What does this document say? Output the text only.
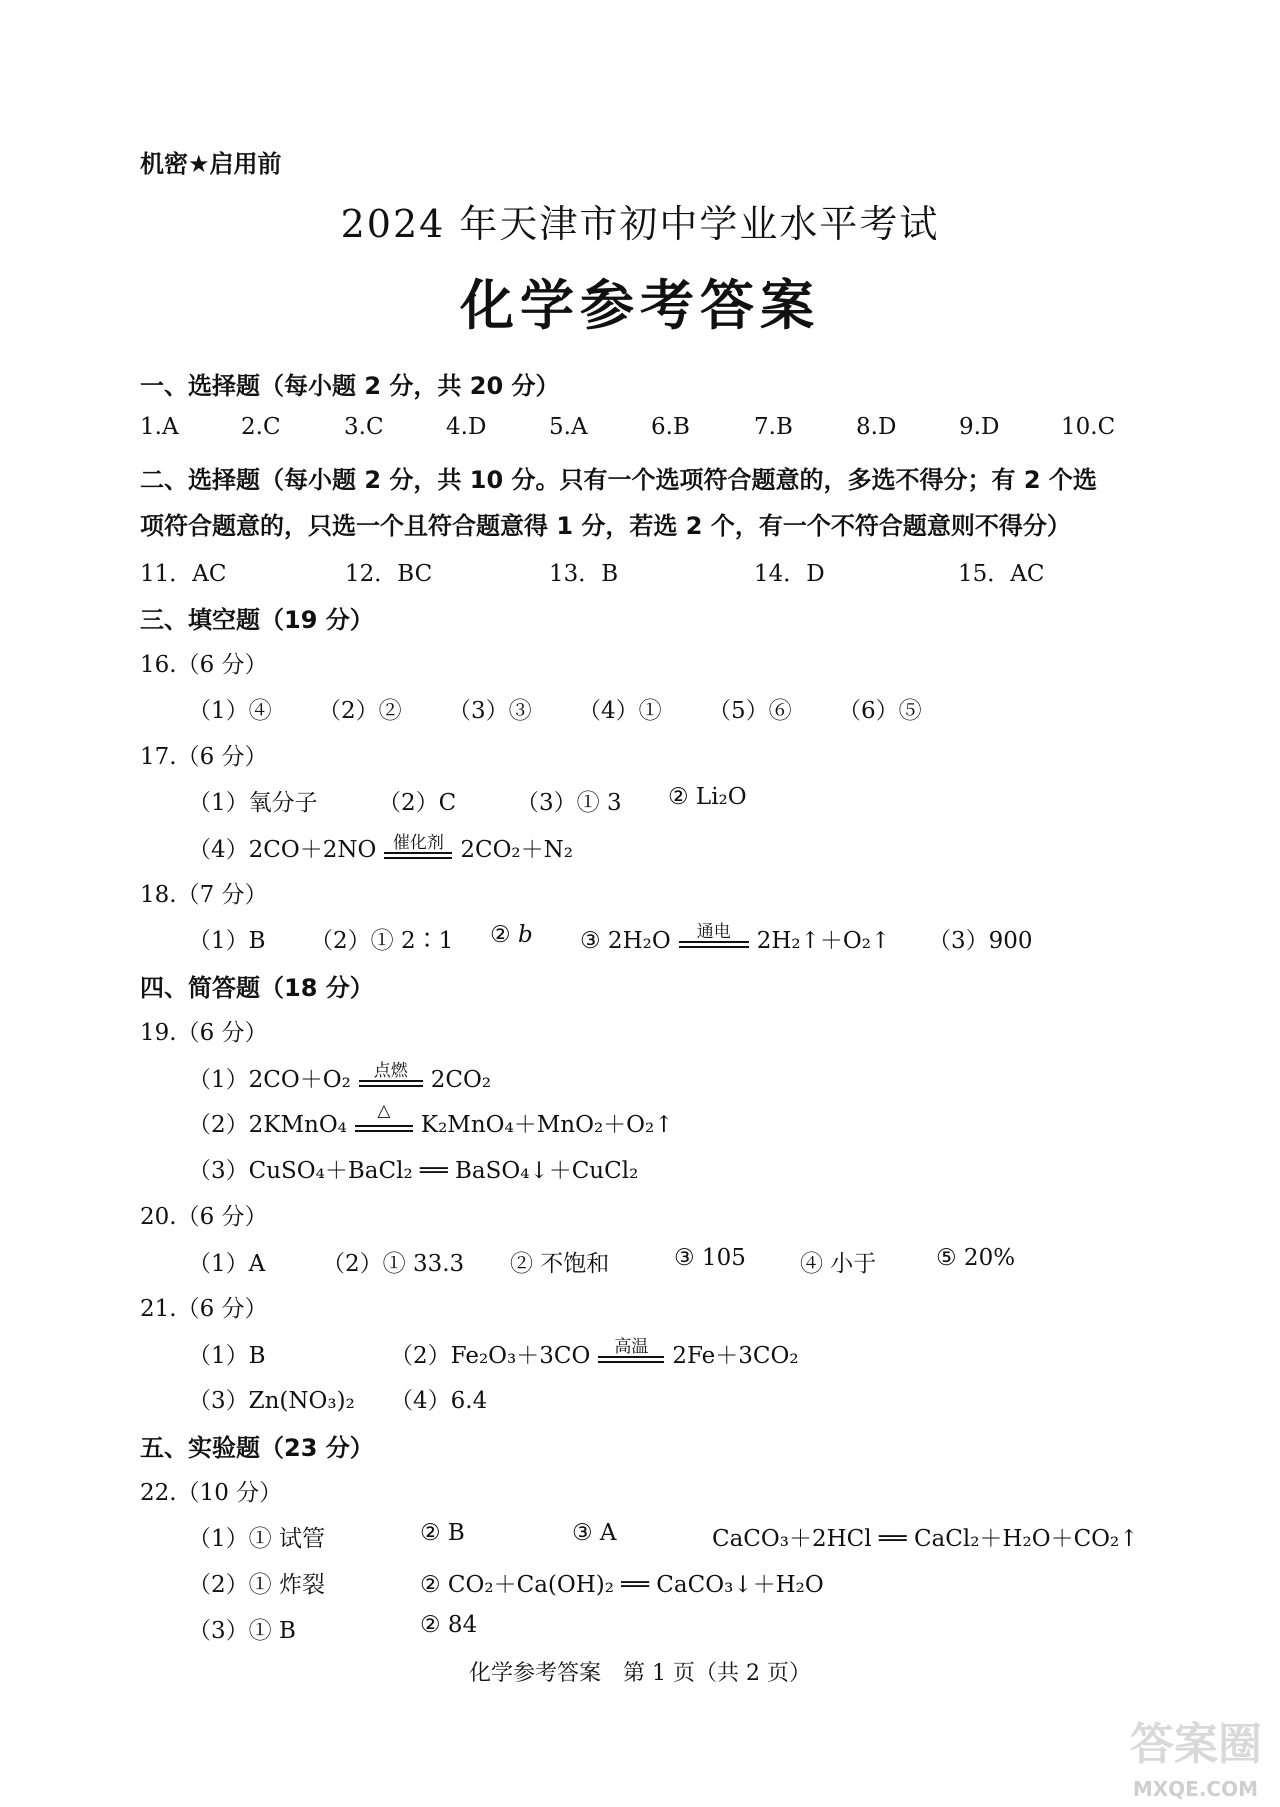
机密★启用前
2024 年天津市初中学业水平考试
化学参考答案
一、选择题（每小题 2 分，共 20 分）
1.A	2.C	3.C	4.D	5.A	6.B	7.B	8.D	9.D	10.C
二、选择题（每小题 2 分，共 10 分。只有一个选项符合题意的，多选不得分；有 2 个选
项符合题意的，只选一个且符合题意得 1 分，若选 2 个，有一个不符合题意则不得分）
11．AC	12．BC	13．B	14．D	15．AC
三、填空题（19 分）
16.（6 分）
（1）④ （2）② （3）③ （4）① （5）⑥ （6）⑤
17.（6 分）
（1）氧分子	（2）C	（3）① 3 ② Li₂O
（4）2CO＋2NO 催化剂 2CO₂＋N₂
18.（7 分）
（1）B （2）① 2∶1 ② b ③ 2H₂O	通电	2H₂↑＋O₂↑ （3）900
四、简答题（18 分）
19.（6 分）
（1）2CO＋O₂	点燃	2CO₂
（2）2KMnO₄
△
K₂MnO₄＋MnO₂＋O₂↑
（3）CuSO₄＋BaCl₂ ══ BaSO₄↓＋CuCl₂
20.（6 分）
（1）A （2）① 33.3 ② 不饱和	③ 105 ④ 小于	⑤ 20%
21.（6 分）
（1）B	（2）Fe₂O₃＋3CO	高温	2Fe＋3CO₂
（3）Zn(NO₃)₂ （4）6.4
五、实验题（23 分）
22.（10 分）
（1）① 试管	② B	③ A	CaCO₃＋2HCl ══ CaCl₂＋H₂O＋CO₂↑
（2）① 炸裂	② CO₂＋Ca(OH)₂ ══ CaCO₃↓＋H₂O
（3）① B	② 84
化学参考答案　第 1 页（共 2 页）
答案圈
MXQE.COM
